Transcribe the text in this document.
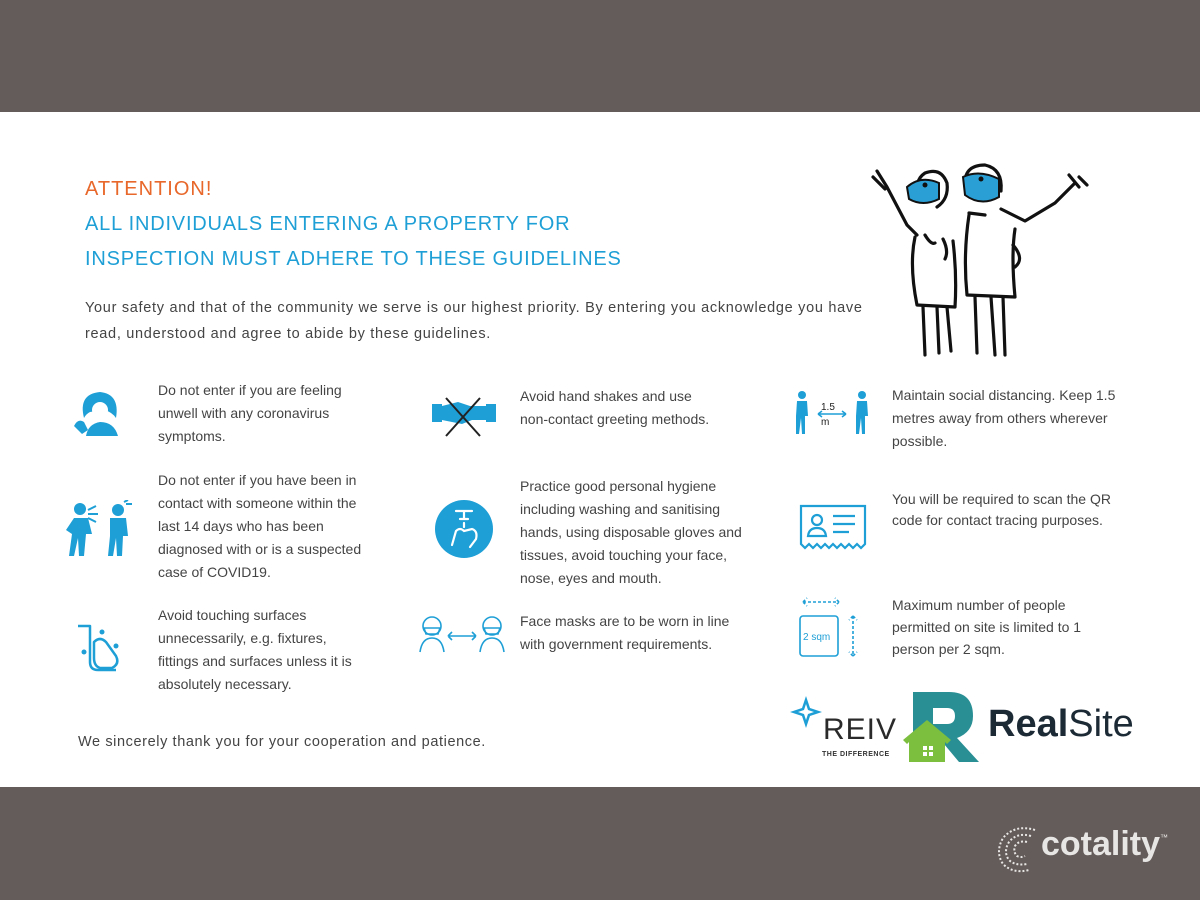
ATTENTION!
ALL INDIVIDUALS ENTERING A PROPERTY FOR
INSPECTION MUST ADHERE TO THESE GUIDELINES
Your safety and that of the community we serve is our highest priority. By entering you acknowledge you have read, understood and agree to abide by these guidelines.
Do not enter if you are feeling unwell with any coronavirus symptoms.
Do not enter if you have been in contact with someone within the last 14 days who has been diagnosed with or is a suspected case of COVID19.
Avoid touching surfaces unnecessarily, e.g. fixtures, fittings and surfaces unless it is absolutely necessary.
Avoid hand shakes and use non-contact greeting methods.
Practice good personal hygiene including washing and sanitising hands, using disposable gloves and tissues, avoid touching your face, nose, eyes and mouth.
Face masks are to be worn in line with government requirements.
1.5
m
Maintain social distancing. Keep 1.5 metres away from others wherever possible.
You will be required to scan the QR code for contact tracing purposes.
2 sqm
Maximum number of people permitted on site is limited to 1 person per 2 sqm.
We sincerely thank you for your cooperation and patience.	REIV
THE DIFFERENCE
RealSite
cotality ™
